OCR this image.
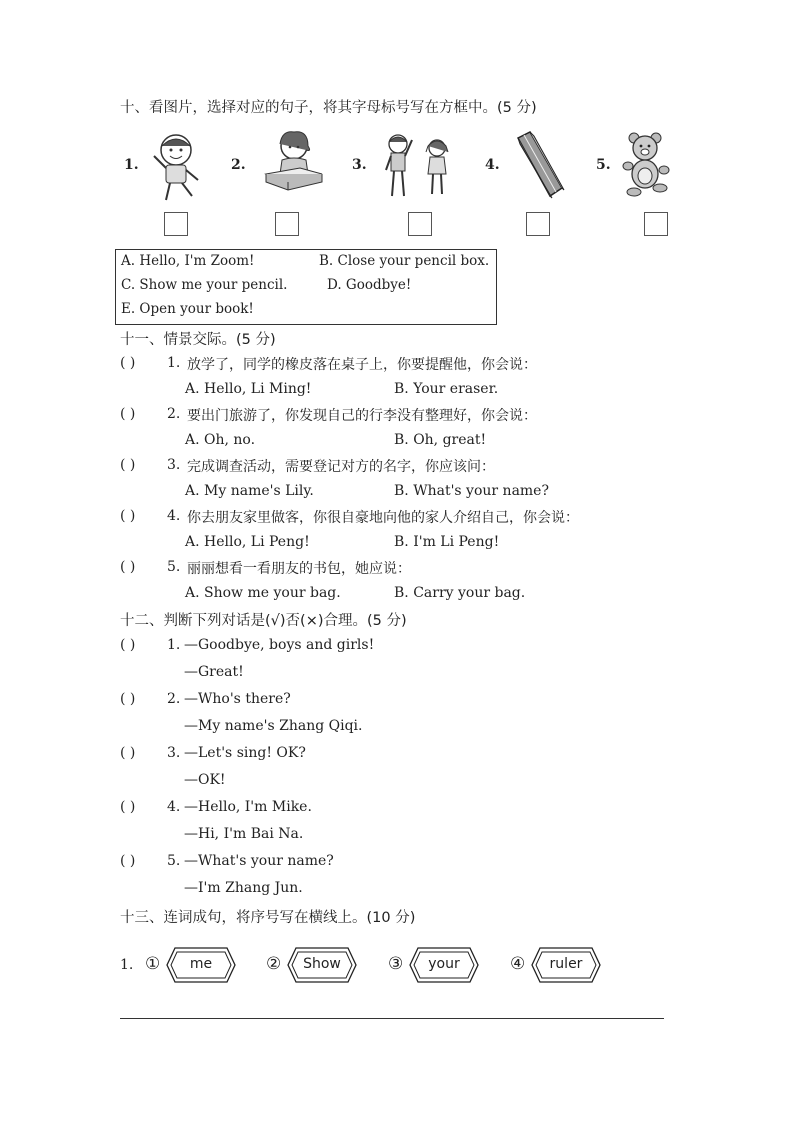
十、看图片，选择对应的句子，将其字母标号写在方框中。(5 分)
1.	2.	3.	4.	5.
A. Hello, I'm Zoom!	B. Close your pencil box.
C. Show me your pencil.	D. Goodbye!
E. Open your book!
十一、情景交际。(5 分)
( ) 1. 放学了，同学的橡皮落在桌子上，你要提醒他，你会说：
A. Hello, Li Ming!	B. Your eraser.
( ) 2. 要出门旅游了，你发现自己的行李没有整理好，你会说：
A. Oh, no.	B. Oh, great!
( ) 3. 完成调查活动，需要登记对方的名字，你应该问：
A. My name's Lily.	B. What's your name?
( ) 4. 你去朋友家里做客，你很自豪地向他的家人介绍自己，你会说：
A. Hello, Li Peng!	B. I'm Li Peng!
( ) 5. 丽丽想看一看朋友的书包，她应说：
A. Show me your bag.	B. Carry your bag.
十二、判断下列对话是(√)否(×)合理。(5 分)
( ) 1. —Goodbye, boys and girls!
—Great!
( ) 2. —Who's there?
—My name's Zhang Qiqi.
( ) 3. —Let's sing! OK?
—OK!
( ) 4. —Hello, I'm Mike.
—Hi, I'm Bai Na.
( ) 5. —What's your name?
—I'm Zhang Jun.
十三、连词成句，将序号写在横线上。(10 分)
1. ①	me	②	Show	③	your	④	ruler
